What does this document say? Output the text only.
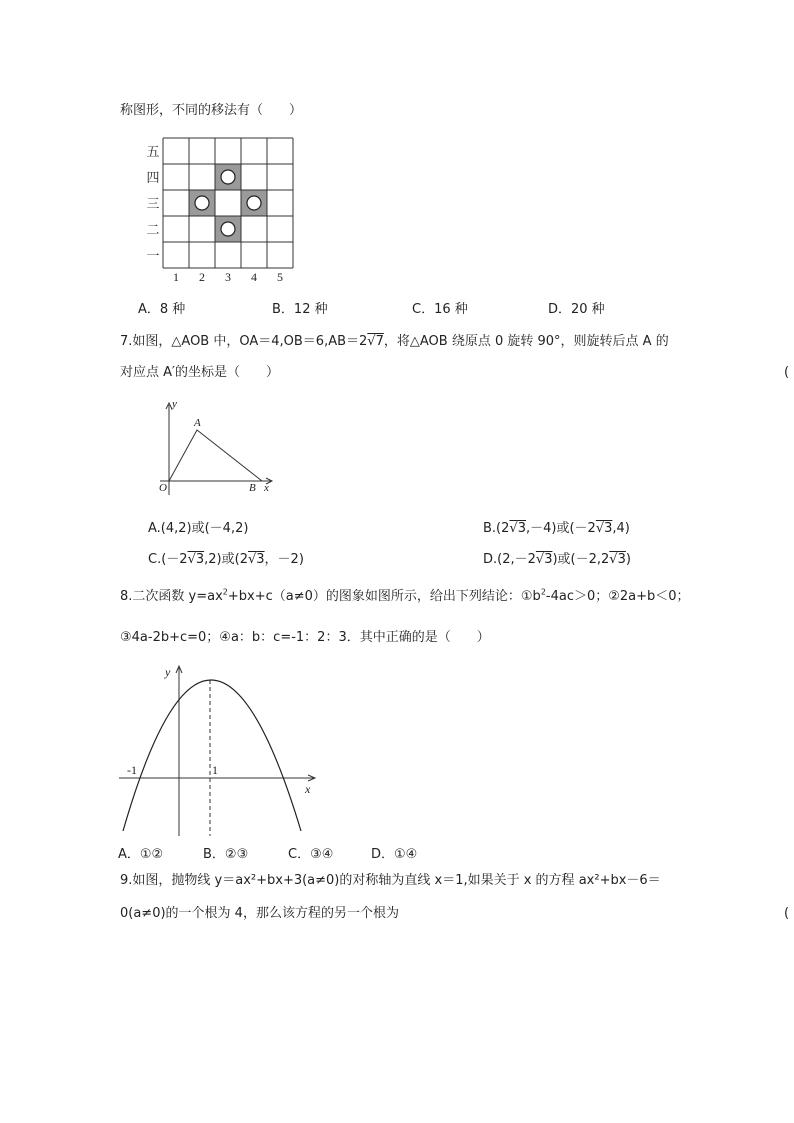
称图形，不同的移法有（　　）
五
四
三
二
一
1 2 3 4 5
A．8 种	B．12 种	C．16 种	D．20 种
7.如图，△AOB 中，OA＝4,OB＝6,AB＝2√7，将△AOB 绕原点 0 旋转 90°，则旋转后点 A 的
对应点 A′的坐标是（　　）	(
y
A
O	B x
A.(4,2)或(－4,2)	B.(2√3,－4)或(－2√3,4)
C.(－2√3,2)或(2√3，－2)	D.(2,－2√3)或(－2,2√3)
8.二次函数 $y=ax^2+bx+c(a\ne 0)$的图象如图所示，给出下列结论：$①b^2-4ac>0$；②2a+b＜0；
③4a-2b+c=0；④a：b：c=-1：2：3．其中正确的是（　　）
y
x
-1	1
A．①②	B．②③	C．③④	D．①④
9.如图，抛物线 y＝ax²+bx+3(a≠0)的对称轴为直线 x＝1,如果关于 x 的方程 ax²+bx－6＝
0(a≠0)的一个根为 4，那么该方程的另一个根为	(
